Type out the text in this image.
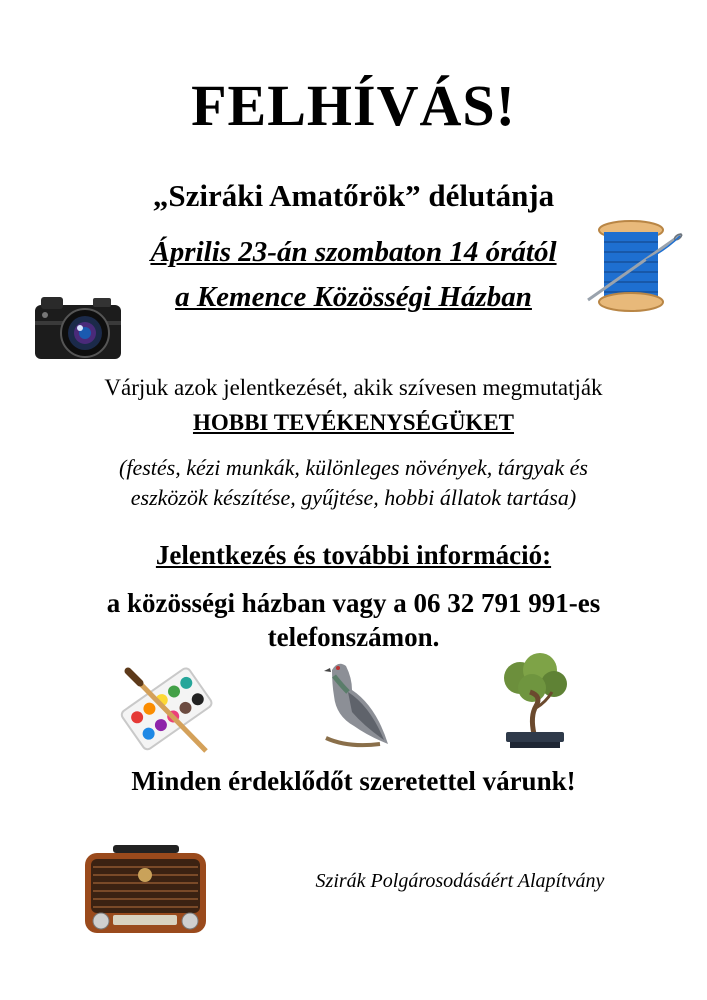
FELHÍVÁS!
„Sziráki Amatőrök” délutánja
Április 23-án szombaton 14 órától
a Kemence Közösségi Házban
Várjuk azok jelentkezését, akik szívesen megmutatják
HOBBI TEVÉKENYSÉGÜKET
(festés, kézi munkák, különleges növények, tárgyak és
eszközök készítése, gyűjtése, hobbi állatok tartása)
Jelentkezés és további információ:
a közösségi házban vagy a 06 32 791 991-es
telefonszámon.
Minden érdeklődőt szeretettel várunk!
Szirák Polgárosodásáért Alapítvány
